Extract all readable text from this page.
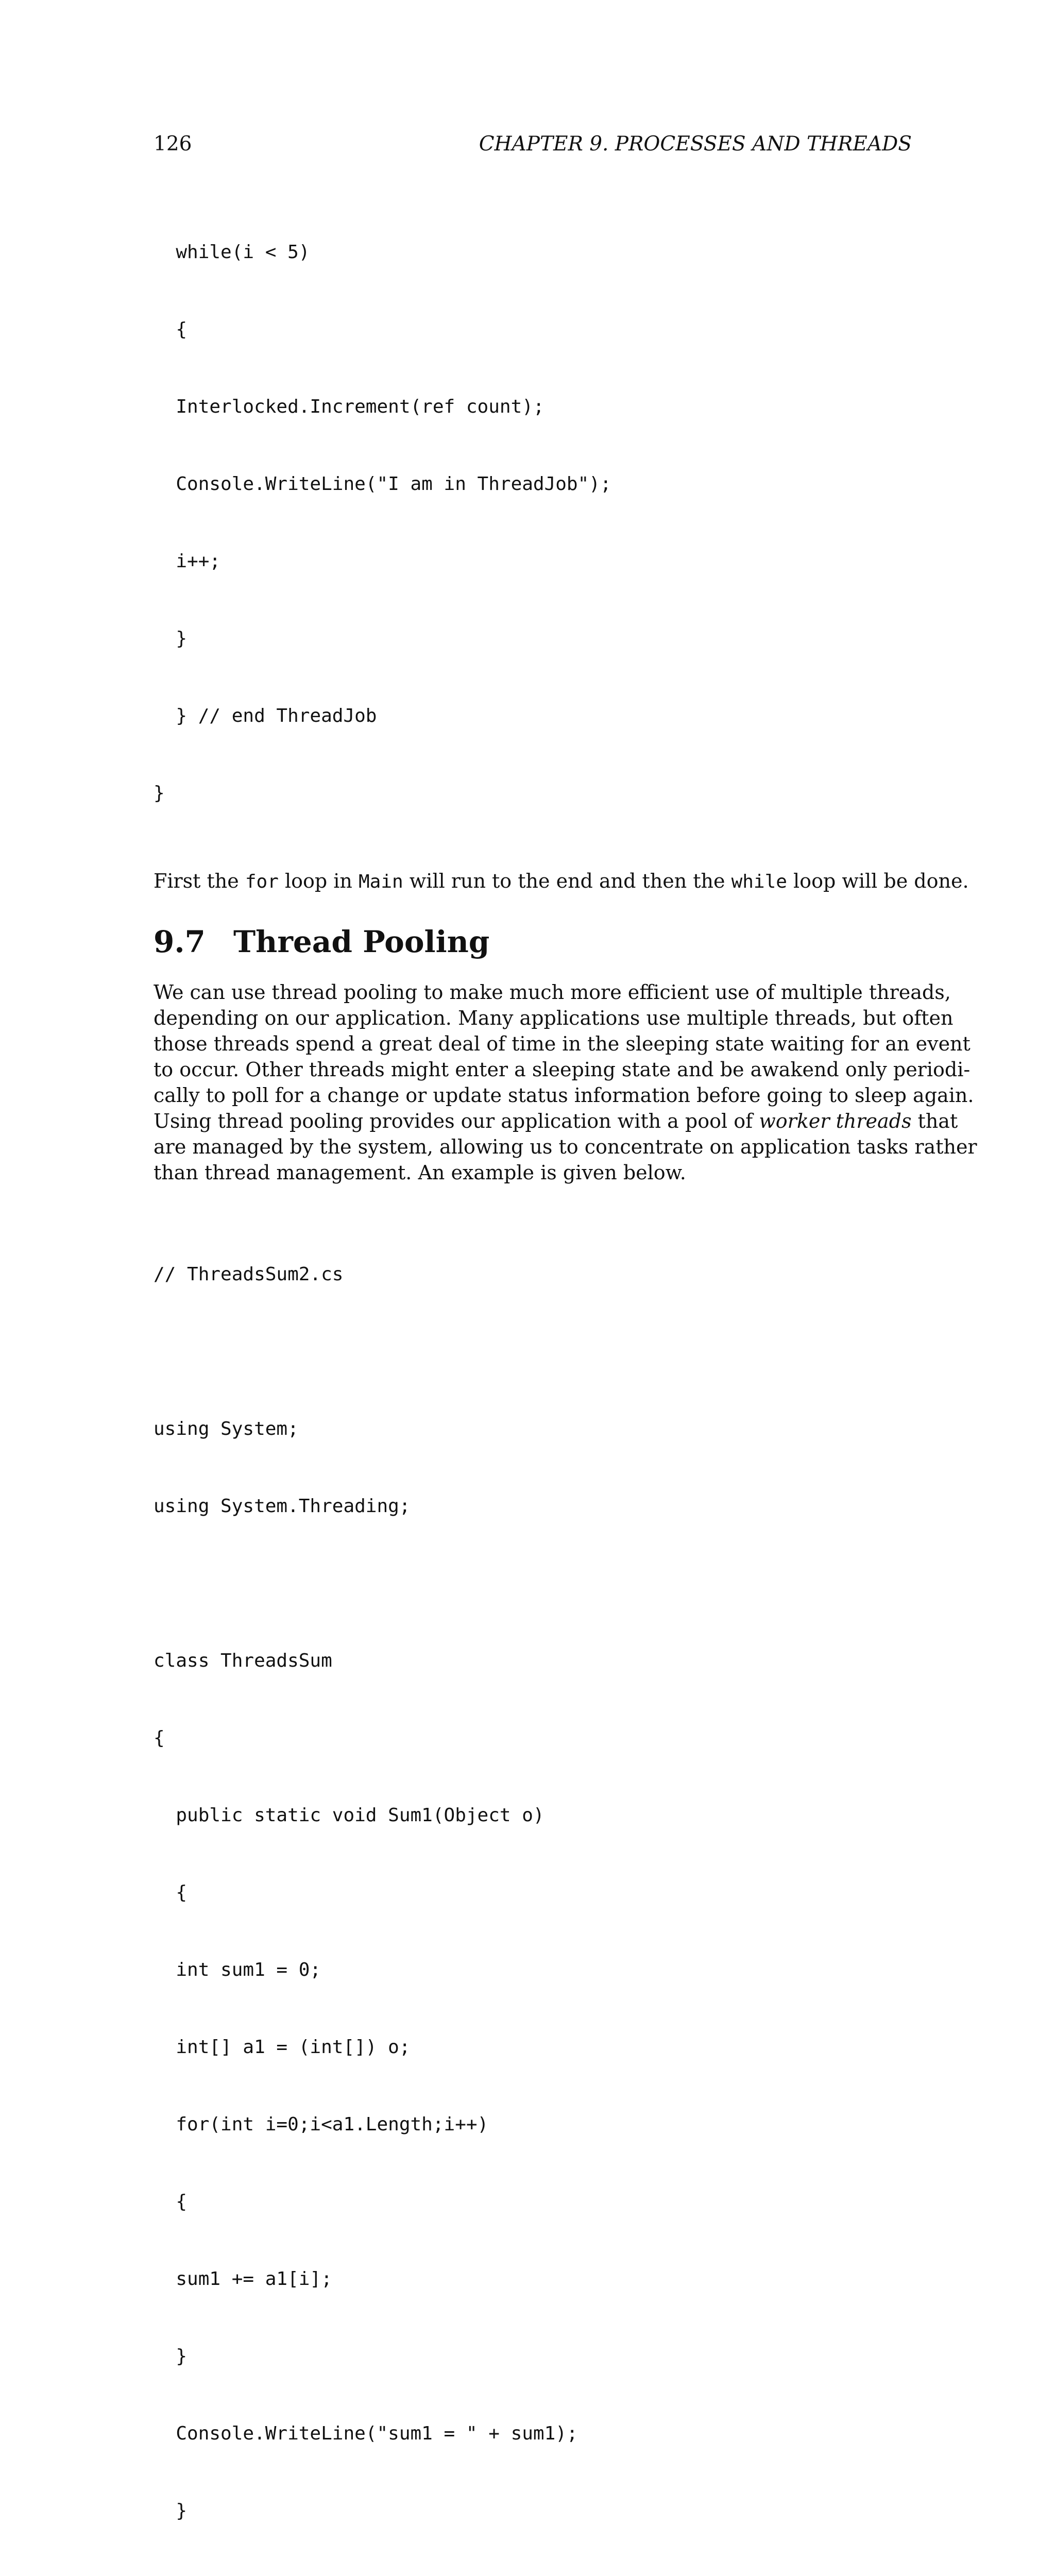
126	CHAPTER 9. PROCESSES AND THREADS

while(i < 5)

{

Interlocked.Increment(ref count);

Console.WriteLine("I am in ThreadJob");

i++;

}

} // end ThreadJob

}

First the for loop in Main will run to the end and then the while loop will be done.

9.7 Thread Pooling
We can use thread pooling to make much more efficient use of multiple threads,
depending on our application. Many applications use multiple threads, but often
those threads spend a great deal of time in the sleeping state waiting for an event
to occur. Other threads might enter a sleeping state and be awakend only periodi-
cally to poll for a change or update status information before going to sleep again.
Using thread pooling provides our application with a pool of worker threads that
are managed by the system, allowing us to concentrate on application tasks rather
than thread management. An example is given below.

// ThreadsSum2.cs

using System;

using System.Threading;

class ThreadsSum

{

public static void Sum1(Object o)

{

int sum1 = 0;

int[] a1 = (int[]) o;

for(int i=0;i<a1.Length;i++)

{

sum1 += a1[i];

}

Console.WriteLine("sum1 = " + sum1);

}
